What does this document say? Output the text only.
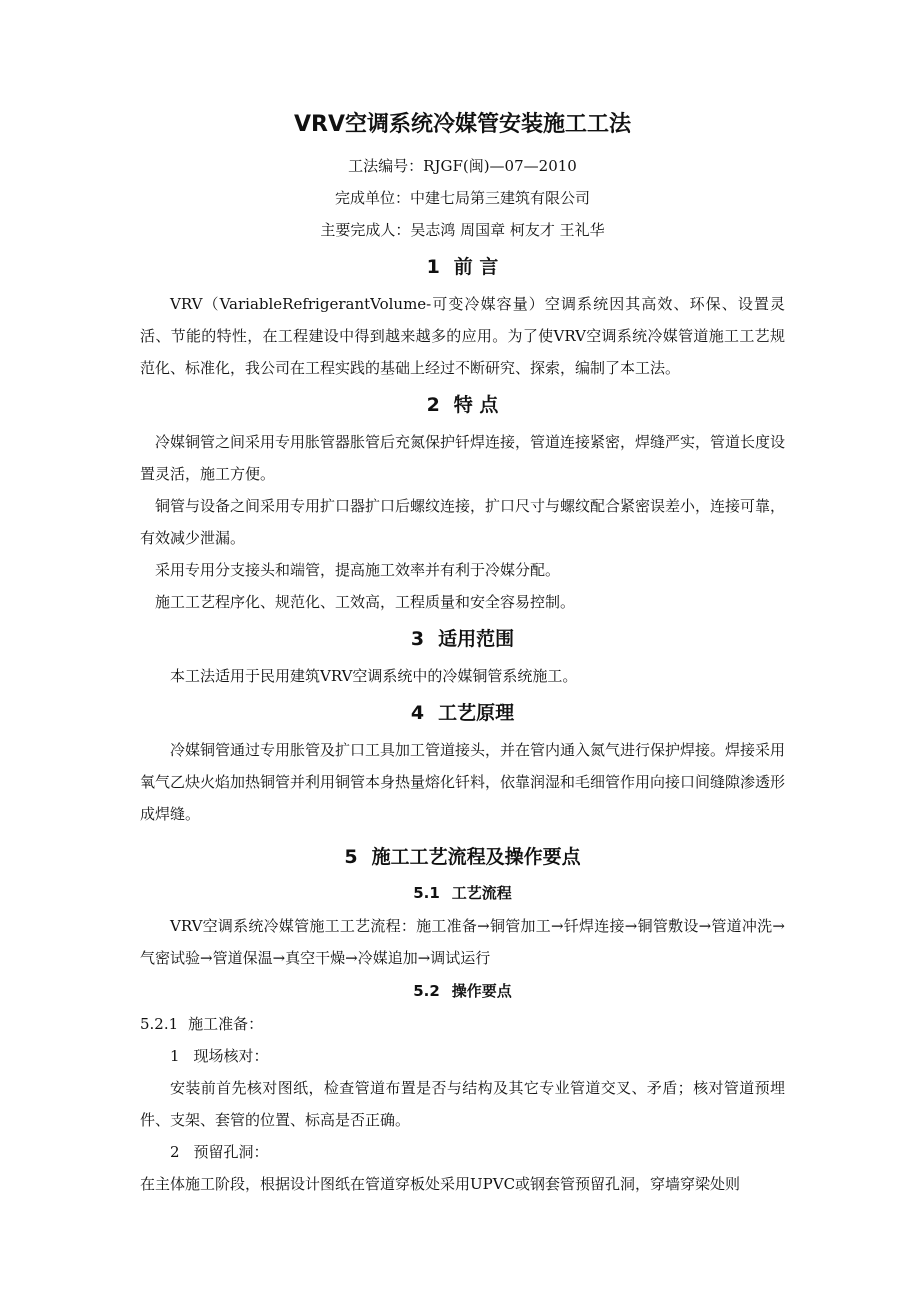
VRV空调系统冷媒管安装施工工法

工法编号：RJGF(闽)—07—2010

完成单位：中建七局第三建筑有限公司

主要完成人：吴志鸿 周国章 柯友才 王礼华

1 前 言

VRV（VariableRefrigerantVolume-可变冷媒容量）空调系统因其高效、环保、设置灵活、节能的特性，在工程建设中得到越来越多的应用。为了使VRV空调系统冷媒管道施工工艺规范化、标准化，我公司在工程实践的基础上经过不断研究、探索，编制了本工法。

2 特 点

冷媒铜管之间采用专用胀管器胀管后充氮保护钎焊连接，管道连接紧密，焊缝严实，管道长度设置灵活，施工方便。

铜管与设备之间采用专用扩口器扩口后螺纹连接，扩口尺寸与螺纹配合紧密误差小，连接可靠，有效减少泄漏。

采用专用分支接头和端管，提高施工效率并有利于冷媒分配。

施工工艺程序化、规范化、工效高，工程质量和安全容易控制。

3 适用范围

本工法适用于民用建筑VRV空调系统中的冷媒铜管系统施工。

4 工艺原理

冷媒铜管通过专用胀管及扩口工具加工管道接头，并在管内通入氮气进行保护焊接。焊接采用氧气乙炔火焰加热铜管并利用铜管本身热量熔化钎料，依靠润湿和毛细管作用向接口间缝隙渗透形成焊缝。

5 施工工艺流程及操作要点
5.1 工艺流程

VRV空调系统冷媒管施工工艺流程：施工准备→铜管加工→钎焊连接→铜管敷设→管道冲洗→气密试验→管道保温→真空干燥→冷媒追加→调试运行

5.2 操作要点

5.2.1 施工准备：

1 现场核对：

安装前首先核对图纸，检查管道布置是否与结构及其它专业管道交叉、矛盾；核对管道预埋件、支架、套管的位置、标高是否正确。

2 预留孔洞：

在主体施工阶段，根据设计图纸在管道穿板处采用UPVC或钢套管预留孔洞，穿墙穿梁处则
